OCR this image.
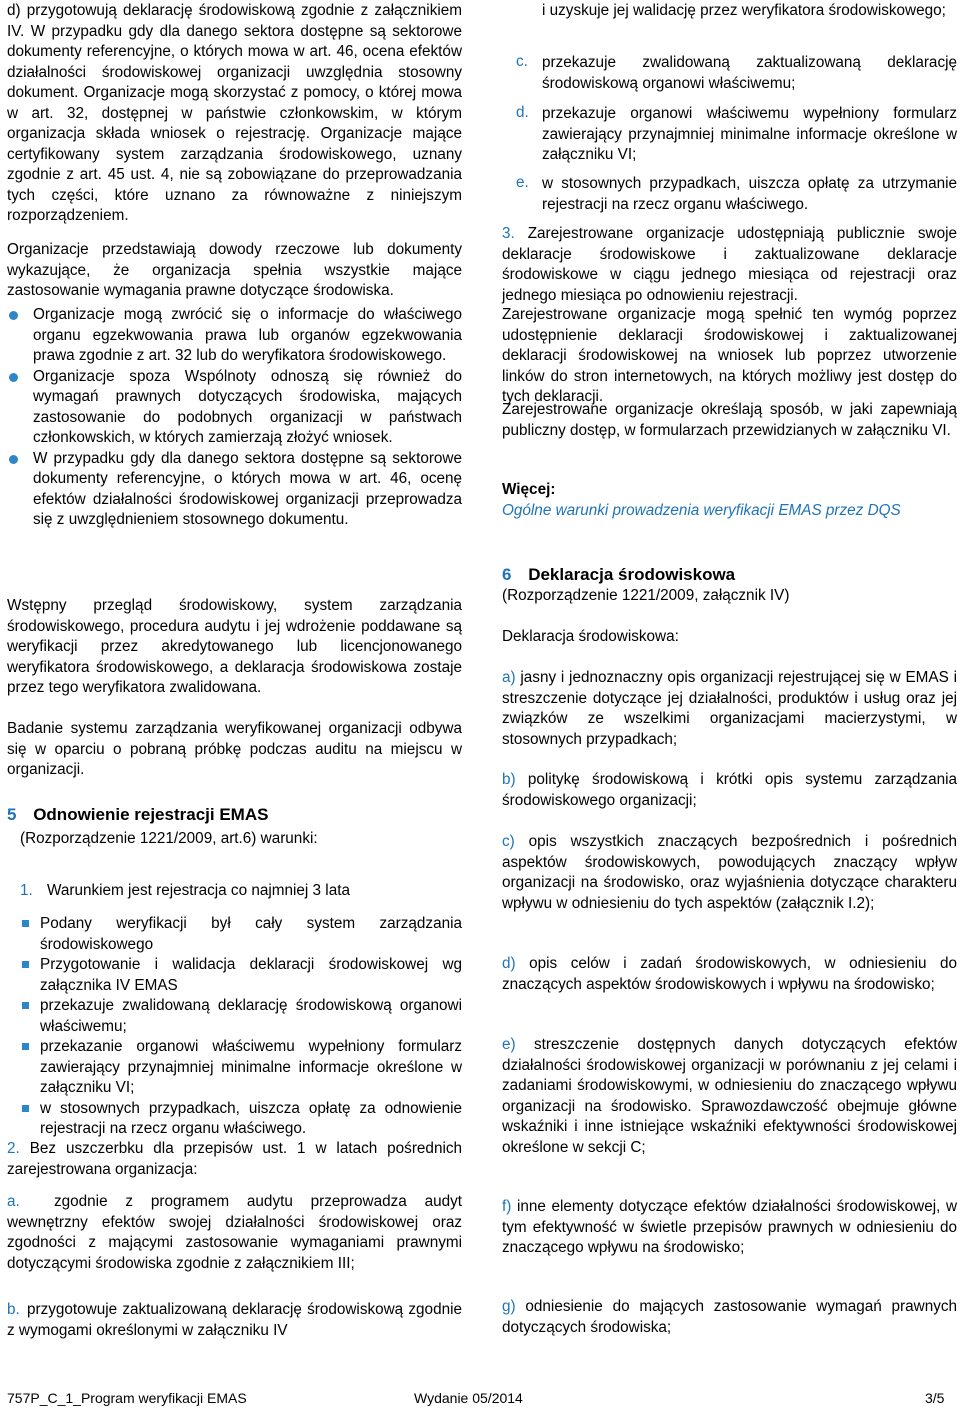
d) przygotowują deklarację środowiskową zgodnie z załącznikiem IV. W przypadku gdy dla danego sektora dostępne są sektorowe dokumenty referencyjne, o których mowa w art. 46, ocena efektów działalności środowiskowej organizacji uwzględnia stosowny dokument. Organizacje mogą skorzystać z pomocy, o której mowa w art. 32, dostępnej w państwie członkowskim, w którym organizacja składa wniosek o rejestrację. Organizacje mające certyfikowany system zarządzania środowiskowego, uznany zgodnie z art. 45 ust. 4, nie są zobowiązane do przeprowadzania tych części, które uznano za równoważne z niniejszym rozporządzeniem.

Organizacje przedstawiają dowody rzeczowe lub dokumenty wykazujące, że organizacja spełnia wszystkie mające zastosowanie wymagania prawne dotyczące środowiska.

Organizacje mogą zwrócić się o informacje do właściwego organu egzekwowania prawa lub organów egzekwowania prawa zgodnie z art. 32 lub do weryfikatora środowiskowego.

Organizacje spoza Wspólnoty odnoszą się również do wymagań prawnych dotyczących środowiska, mających zastosowanie do podobnych organizacji w państwach członkowskich, w których zamierzają złożyć wniosek.

W przypadku gdy dla danego sektora dostępne są sektorowe dokumenty referencyjne, o których mowa w art. 46, ocenę efektów działalności środowiskowej organizacji przeprowadza się z uwzględnieniem stosownego dokumentu.

Wstępny przegląd środowiskowy, system zarządzania środowiskowego, procedura audytu i jej wdrożenie poddawane są weryfikacji przez akredytowanego lub licencjonowanego weryfikatora środowiskowego, a deklaracja środowiskowa zostaje przez tego weryfikatora zwalidowana.

Badanie systemu zarządzania weryfikowanej organizacji odbywa się w oparciu o pobraną próbkę podczas auditu na miejscu w organizacji.

5 Odnowienie rejestracji EMAS

(Rozporządzenie 1221/2009, art.6) warunki:

1. Warunkiem jest rejestracja co najmniej 3 lata

Podany weryfikacji był cały system zarządzania środowiskowego

Przygotowanie i walidacja deklaracji środowiskowej wg załącznika IV EMAS

przekazuje zwalidowaną deklarację środowiskową organowi właściwemu;

przekazanie organowi właściwemu wypełniony formularz zawierający przynajmniej minimalne informacje określone w załączniku VI;

w stosownych przypadkach, uiszcza opłatę za odnowienie rejestracji na rzecz organu właściwego.

2. Bez uszczerbku dla przepisów ust. 1 w latach pośrednich zarejestrowana organizacja:

a. zgodnie z programem audytu przeprowadza audyt wewnętrzny efektów swojej działalności środowiskowej oraz zgodności z mającymi zastosowanie wymaganiami prawnymi dotyczącymi środowiska zgodnie z załącznikiem III;

b. przygotowuje zaktualizowaną deklarację środowiskową zgodnie z wymogami określonymi w załączniku IV

i uzyskuje jej walidację przez weryfikatora środowiskowego;

c. przekazuje zwalidowaną zaktualizowaną deklarację środowiskową organowi właściwemu;

d. przekazuje organowi właściwemu wypełniony formularz zawierający przynajmniej minimalne informacje określone w załączniku VI;

e. w stosownych przypadkach, uiszcza opłatę za utrzymanie rejestracji na rzecz organu właściwego.

3. Zarejestrowane organizacje udostępniają publicznie swoje deklaracje środowiskowe i zaktualizowane deklaracje środowiskowe w ciągu jednego miesiąca od rejestracji oraz jednego miesiąca po odnowieniu rejestracji.

Zarejestrowane organizacje mogą spełnić ten wymóg poprzez udostępnienie deklaracji środowiskowej i zaktualizowanej deklaracji środowiskowej na wniosek lub poprzez utworzenie linków do stron internetowych, na których możliwy jest dostęp do tych deklaracji.

Zarejestrowane organizacje określają sposób, w jaki zapewniają publiczny dostęp, w formularzach przewidzianych w załączniku VI.

Więcej:

Ogólne warunki prowadzenia weryfikacji EMAS przez DQS

6 Deklaracja środowiskowa

(Rozporządzenie 1221/2009, załącznik IV)

Deklaracja środowiskowa:

a) jasny i jednoznaczny opis organizacji rejestrującej się w EMAS i streszczenie dotyczące jej działalności, produktów i usług oraz jej związków ze wszelkimi organizacjami macierzystymi, w stosownych przypadkach;

b) politykę środowiskową i krótki opis systemu zarządzania środowiskowego organizacji;

c) opis wszystkich znaczących bezpośrednich i pośrednich aspektów środowiskowych, powodujących znaczący wpływ organizacji na środowisko, oraz wyjaśnienia dotyczące charakteru wpływu w odniesieniu do tych aspektów (załącznik I.2);

d) opis celów i zadań środowiskowych, w odniesieniu do znaczących aspektów środowiskowych i wpływu na środowisko;

e) streszczenie dostępnych danych dotyczących efektów działalności środowiskowej organizacji w porównaniu z jej celami i zadaniami środowiskowymi, w odniesieniu do znaczącego wpływu organizacji na środowisko. Sprawozdawczość obejmuje główne wskaźniki i inne istniejące wskaźniki efektywności środowiskowej określone w sekcji C;

f) inne elementy dotyczące efektów działalności środowiskowej, w tym efektywność w świetle przepisów prawnych w odniesieniu do znaczącego wpływu na środowisko;

g) odniesienie do mających zastosowanie wymagań prawnych dotyczących środowiska;

757P_C_1_Program weryfikacji EMAS	Wydanie 05/2014	3/5
